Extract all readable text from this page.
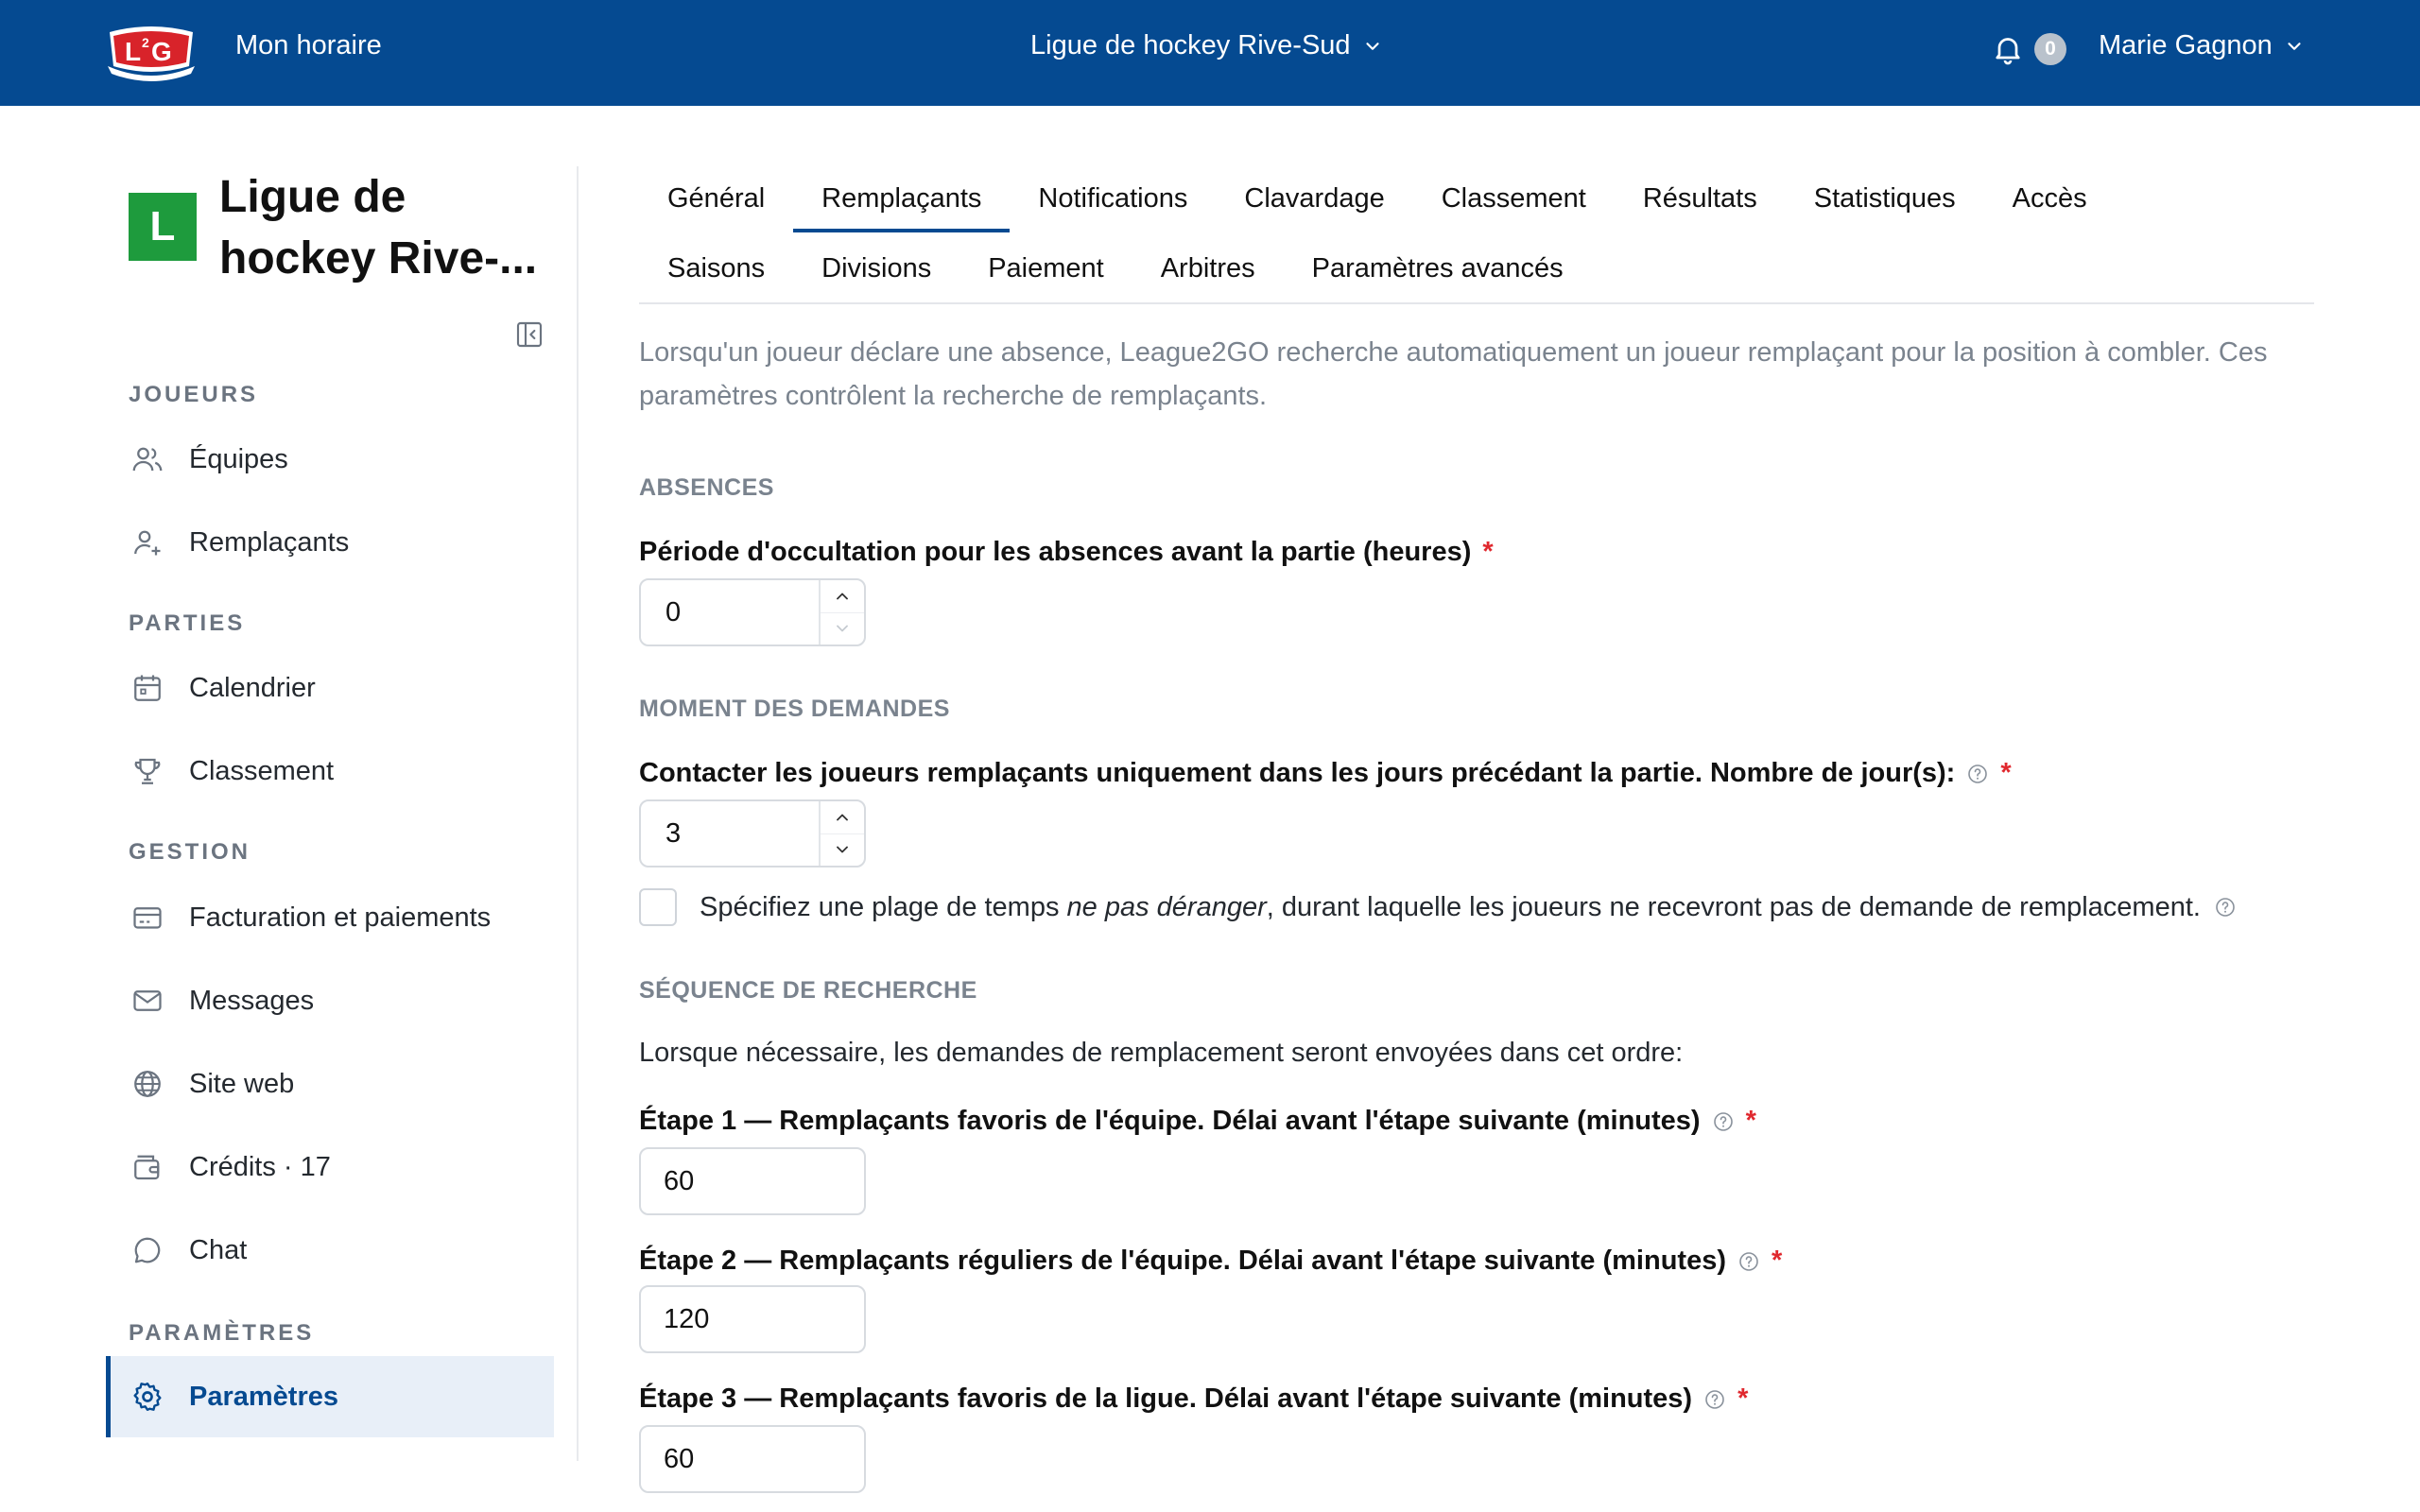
L 2 G Mon horaire	Ligue de hockey Rive-Sud	0	Marie Gagnon
L
Ligue de hockey Rive-...
JOUEURS
Équipes
Remplaçants
PARTIES
Calendrier
Classement
GESTION
Facturation et paiements
Messages
Site web
Crédits · 17
Chat
PARAMÈTRES
Paramètres
Général	Remplaçants	Notifications	Clavardage	Classement	Résultats	Statistiques	Accès
Saisons	Divisions	Paiement	Arbitres	Paramètres avancés

Lorsqu'un joueur déclare une absence, League2GO recherche automatiquement un joueur remplaçant pour la position à combler. Ces paramètres contrôlent la recherche de remplaçants.

ABSENCES
Période d'occultation pour les absences avant la partie (heures) *
0
MOMENT DES DEMANDES
Contacter les joueurs remplaçants uniquement dans les jours précédant la partie. Nombre de jour(s): *
3
Spécifiez une plage de temps ne pas déranger, durant laquelle les joueurs ne recevront pas de demande de remplacement.
SÉQUENCE DE RECHERCHE
Lorsque nécessaire, les demandes de remplacement seront envoyées dans cet ordre:
Étape 1 — Remplaçants favoris de l'équipe. Délai avant l'étape suivante (minutes) *
60
Étape 2 — Remplaçants réguliers de l'équipe. Délai avant l'étape suivante (minutes) *
120
Étape 3 — Remplaçants favoris de la ligue. Délai avant l'étape suivante (minutes) *
60
